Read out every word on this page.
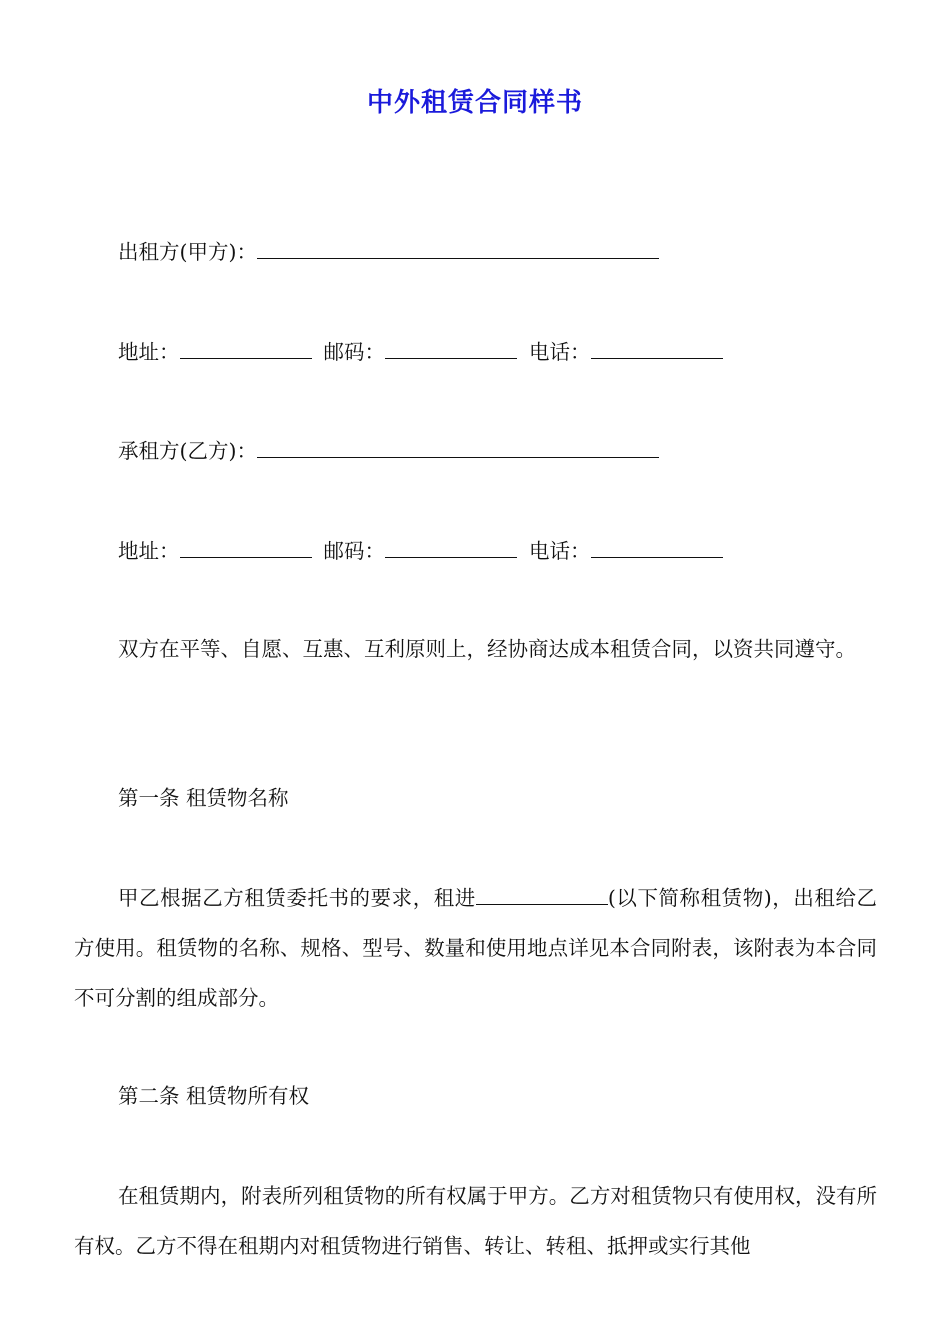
中外租赁合同样书
出租方(甲方)：
地址：	邮码：	电话：
承租方(乙方)：
地址：	邮码：	电话：
双方在平等、自愿、互惠、互利原则上，经协商达成本租赁合同，以资共同遵守。
第一条 租赁物名称
甲乙根据乙方租赁委托书的要求，租进	(以下简称租赁物)，出租给乙方使用。租赁物的名称、规格、型号、数量和使用地点详见本合同附表，该附表为本合同不可分割的组成部分。
第二条 租赁物所有权
在租赁期内，附表所列租赁物的所有权属于甲方。乙方对租赁物只有使用权，没有所有权。乙方不得在租期内对租赁物进行销售、转让、转租、抵押或实行其他
